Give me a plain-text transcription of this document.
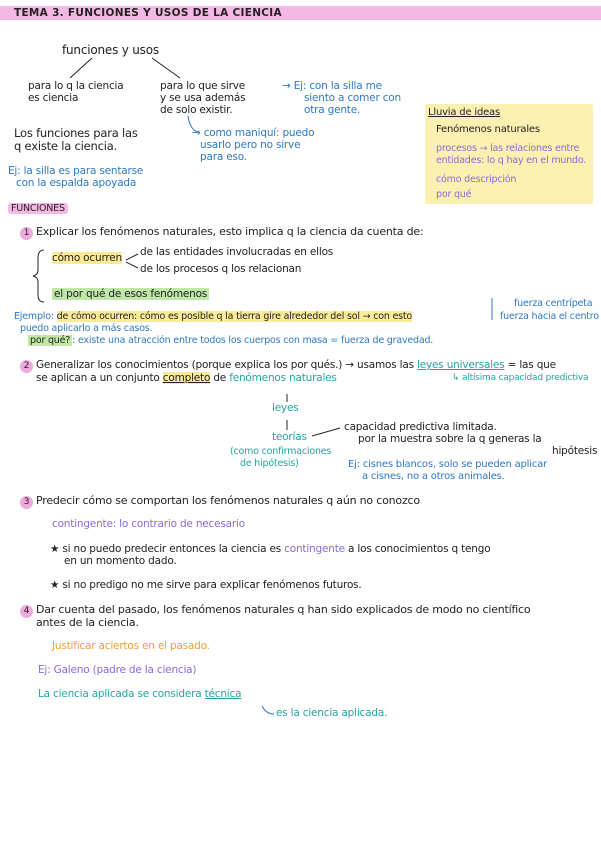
TEMA 3. FUNCIONES Y USOS DE LA CIENCIA
funciones y usos
para lo q la ciencia
es ciencia
para lo que sirve
y se usa además
de solo existir.
→ Ej: con la silla me
siento a comer con
otra gente.
Los funciones para las
q existe la ciencia.
→ como maniquí: puedo
usarlo pero no sirve
para eso.
Ej: la silla es para sentarse
con la espalda apoyada
Lluvia de ideas
Fenómenos naturales
procesos → las relaciones entre
entidades: lo q hay en el mundo.
cómo descripción
por qué
FUNCIONES
1 Explicar los fenómenos naturales, esto implica q la ciencia da cuenta de:
cómo ocurren de las entidades involucradas en ellos
de los procesos q los relacionan
el por qué de esos fenómenos
fuerza centrípeta
fuerza hacia el centro
Ejemplo: de cómo ocurren: cómo es posible q la tierra gire alrededor del sol → con esto
puedo aplicarlo a más casos.
por qué? : existe una atracción entre todos los cuerpos con masa = fuerza de gravedad.
2 Generalizar los conocimientos (porque explica los por qués.) → usamos las leyes universales = las que
se aplican a un conjunto completo de fenómenos naturales	↳ altísima capacidad predictiva
leyes
teorías
(como confirmaciones
de hipótesis)
capacidad predictiva limitada.
por la muestra sobre la q generas la
hipótesis
Ej: cisnes blancos, solo se pueden aplicar
a cisnes, no a otros animales.
3 Predecir cómo se comportan los fenómenos naturales q aún no conozco
contingente: lo contrario de necesario
★ si no puedo predecir entonces la ciencia es contingente a los conocimientos q tengo
en un momento dado.
★ si no predigo no me sirve para explicar fenómenos futuros.
4 Dar cuenta del pasado, los fenómenos naturales q han sido explicados de modo no científico
antes de la ciencia.
Justificar aciertos en el pasado.
Ej: Galeno (padre de la ciencia)
La ciencia aplicada se considera técnica
es la ciencia aplicada.
